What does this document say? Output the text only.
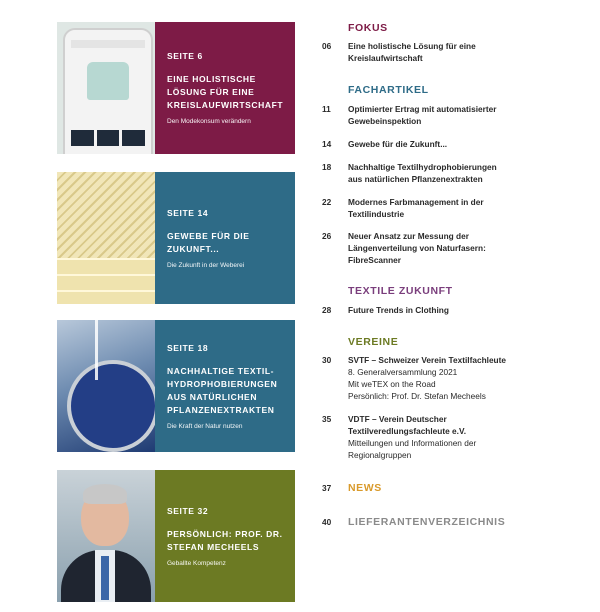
SEITE 6
EINE HOLISTISCHE
LÖSUNG FÜR EINE
KREISLAUFWIRTSCHAFT
Den Modekonsum verändern
SEITE 14
GEWEBE FÜR DIE
ZUKUNFT...
Die Zukunft in der Weberei
SEITE 18
NACHHALTIGE TEXTIL-
HYDROPHOBIERUNGEN
AUS NATÜRLICHEN
PFLANZENEXTRAKTEN
Die Kraft der Natur nutzen
SEITE 32
PERSÖNLICH: PROF. DR.
STEFAN MECHEELS
Geballte Kompetenz
FOKUS
06	Eine holistische Lösung für eine
Kreislaufwirtschaft
FACHARTIKEL
11	Optimierter Ertrag mit automatisierter
Gewebeinspektion
14	Gewebe für die Zukunft...
18	Nachhaltige Textilhydrophobierungen
aus natürlichen Pflanzenextrakten
22	Modernes Farbmanagement in der
Textilindustrie
26	Neuer Ansatz zur Messung der
Längenverteilung von Naturfasern:
FibreScanner
TEXTILE ZUKUNFT
28	Future Trends in Clothing
VEREINE
30	SVTF – Schweizer Verein Textilfachleute
8. Generalversammlung 2021
Mit weTEX on the Road
Persönlich: Prof. Dr. Stefan Mecheels
35	VDTF – Verein Deutscher
Textilveredlungsfachleute e.V.
Mitteilungen und Informationen der
Regionalgruppen
37	NEWS
40	LIEFERANTENVERZEICHNIS
